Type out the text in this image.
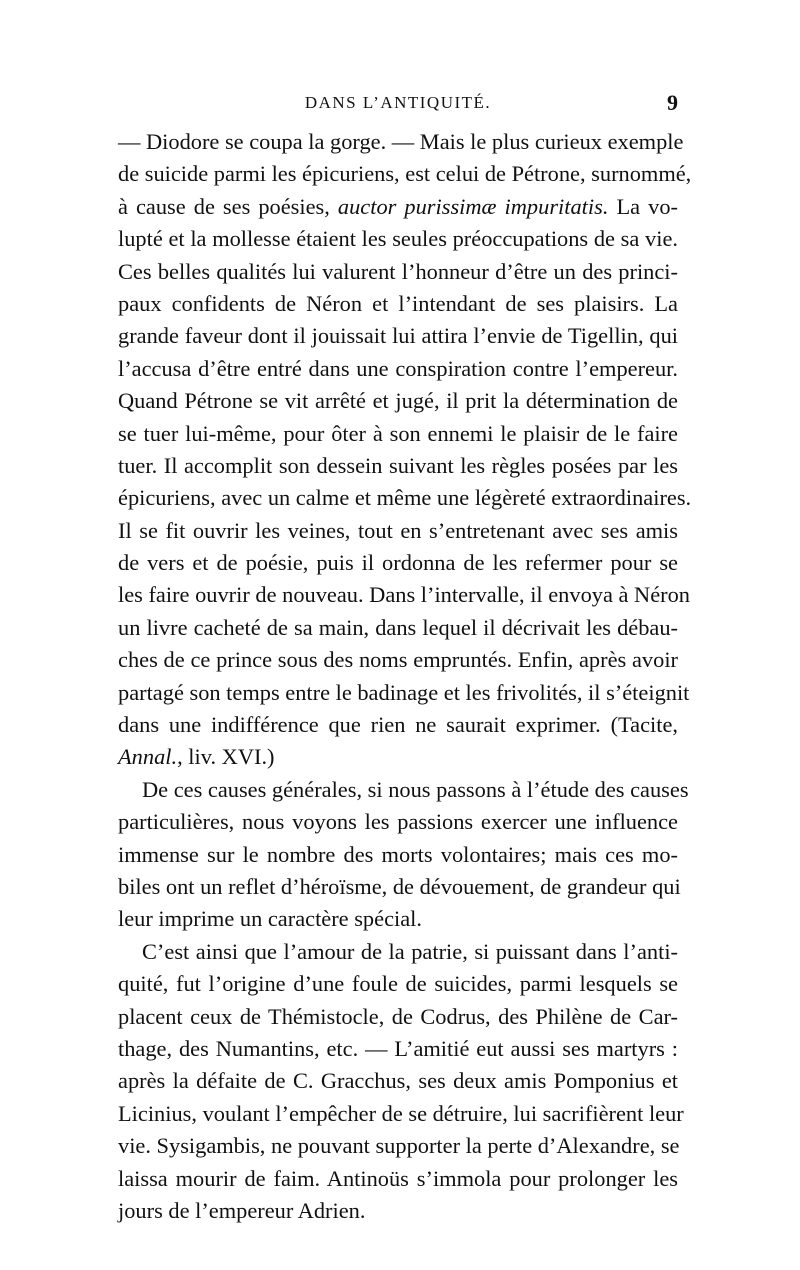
DANS L’ANTIQUITÉ.	9
— Diodore se coupa la gorge. — Mais le plus curieux exemple
de suicide parmi les épicuriens, est celui de Pétrone, surnommé,
à cause de ses poésies, auctor purissimæ impuritatis. La vo-
lupté et la mollesse étaient les seules préoccupations de sa vie.
Ces belles qualités lui valurent l’honneur d’être un des princi-
paux confidents de Néron et l’intendant de ses plaisirs. La
grande faveur dont il jouissait lui attira l’envie de Tigellin, qui
l’accusa d’être entré dans une conspiration contre l’empereur.
Quand Pétrone se vit arrêté et jugé, il prit la détermination de
se tuer lui-même, pour ôter à son ennemi le plaisir de le faire
tuer. Il accomplit son dessein suivant les règles posées par les
épicuriens, avec un calme et même une légèreté extraordinaires.
Il se fit ouvrir les veines, tout en s’entretenant avec ses amis
de vers et de poésie, puis il ordonna de les refermer pour se
les faire ouvrir de nouveau. Dans l’intervalle, il envoya à Néron
un livre cacheté de sa main, dans lequel il décrivait les débau-
ches de ce prince sous des noms empruntés. Enfin, après avoir
partagé son temps entre le badinage et les frivolités, il s’éteignit
dans une indifférence que rien ne saurait exprimer. (Tacite,
Annal., liv. XVI.)
De ces causes générales, si nous passons à l’étude des causes
particulières, nous voyons les passions exercer une influence
immense sur le nombre des morts volontaires; mais ces mo-
biles ont un reflet d’héroïsme, de dévouement, de grandeur qui
leur imprime un caractère spécial.
C’est ainsi que l’amour de la patrie, si puissant dans l’anti-
quité, fut l’origine d’une foule de suicides, parmi lesquels se
placent ceux de Thémistocle, de Codrus, des Philène de Car-
thage, des Numantins, etc. — L’amitié eut aussi ses martyrs :
après la défaite de C. Gracchus, ses deux amis Pomponius et
Licinius, voulant l’empêcher de se détruire, lui sacrifièrent leur
vie. Sysigambis, ne pouvant supporter la perte d’Alexandre, se
laissa mourir de faim. Antinoüs s’immola pour prolonger les
jours de l’empereur Adrien.
